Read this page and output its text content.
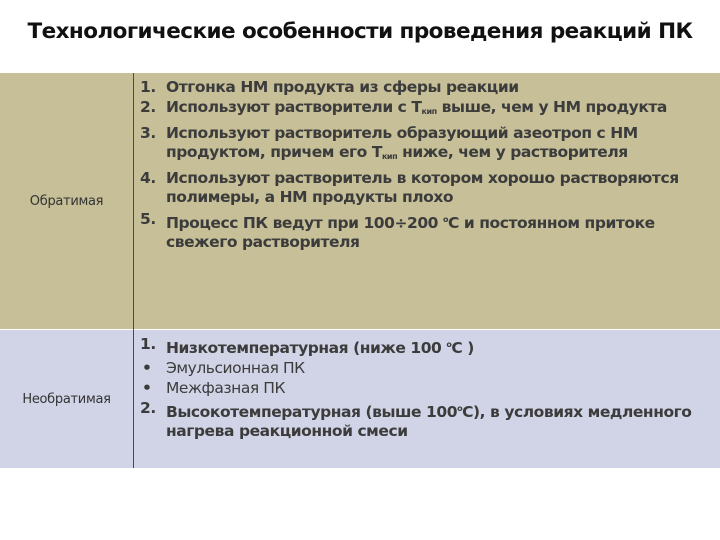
Технологические особенности проведения реакций ПК
Обратимая
1. Отгонка НМ продукта из сферы реакции
2. Используют растворители с $Т_{кип}$ выше, чем у НМ продукта
3. Используют растворитель образующий азеотроп с НМ продуктом, причем его $Т_{кип}$ ниже, чем у растворителя
4. Используют растворитель в котором хорошо растворяются полимеры, а НМ продукты плохо
5. Процесс ПК ведут при 100÷200 $^о$С и постоянном притоке свежего растворителя
Необратимая
1. Низкотемпературная (ниже 100 $^о$С )
• Эмульсионная ПК
• Межфазная ПК
2. Высокотемпературная (выше $100^оС$), в условиях медленного нагрева реакционной смеси
